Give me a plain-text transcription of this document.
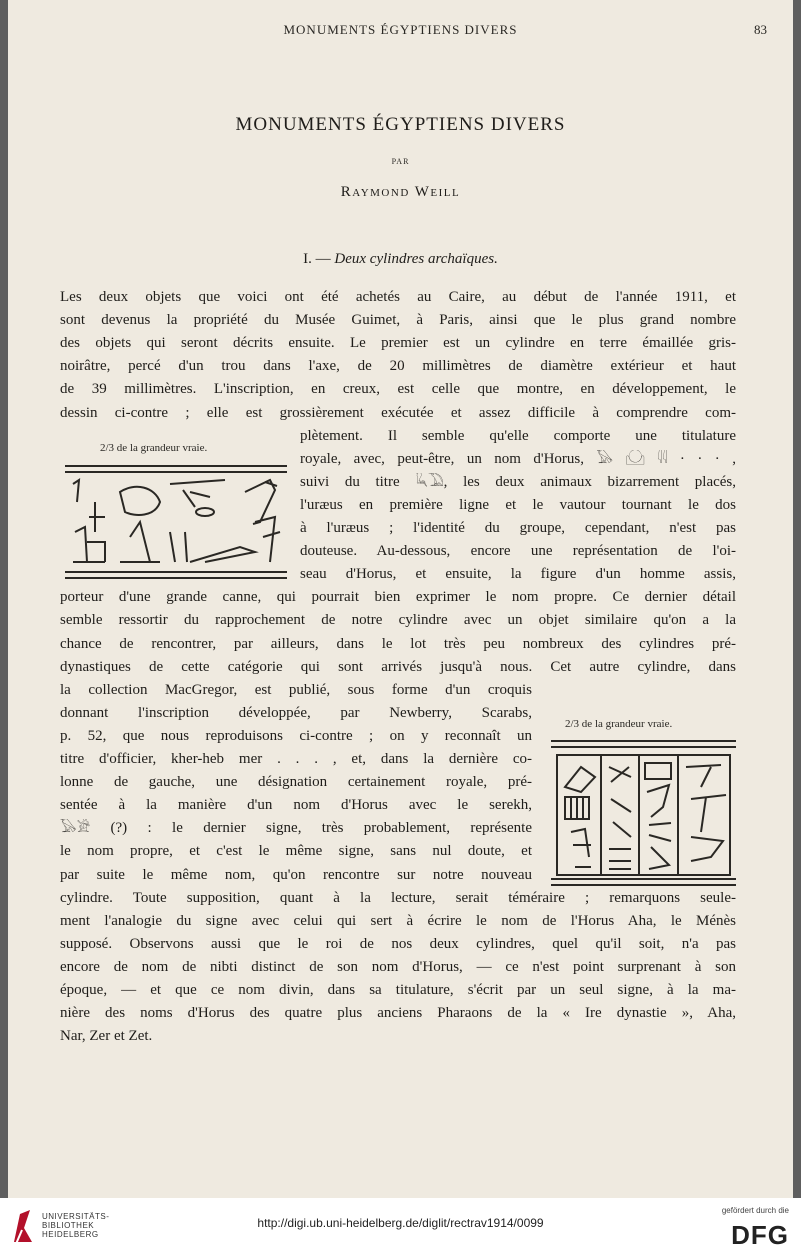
MONUMENTS ÉGYPTIENS DIVERS	83
MONUMENTS ÉGYPTIENS DIVERS
PAR
Raymond Weill
I. — Deux cylindres archaïques.
Les deux objets que voici ont été achetés au Caire, au début de l'année 1911, et
sont devenus la propriété du Musée Guimet, à Paris, ainsi que le plus grand nombre
des objets qui seront décrits ensuite. Le premier est un cylindre en terre émaillée gris-
noirâtre, percé d'un trou dans l'axe, de 20 millimètres de diamètre extérieur et haut
de 39 millimètres. L'inscription, en creux, est celle que montre, en développement, le
dessin ci-contre ; elle est grossièrement exécutée et assez difficile à comprendre com-
plètement. Il semble qu'elle comporte une titulature
royale, avec, peut-être, un nom d'Horus, 𓅃 𓈌 𓇋𓇋 · · · ,
suivi du titre 𓆗𓅐, les deux animaux bizarrement placés,
l'uræus en première ligne et le vautour tournant le dos
à l'uræus ; l'identité du groupe, cependant, n'est pas
douteuse. Au-dessous, encore une représentation de l'oi-
seau d'Horus, et ensuite, la figure d'un homme assis,
porteur d'une grande canne, qui pourrait bien exprimer le nom propre. Ce dernier détail
semble ressortir du rapprochement de notre cylindre avec un objet similaire qu'on a la
chance de rencontrer, par ailleurs, dans le lot très peu nombreux des cylindres pré-
dynastiques de cette catégorie qui sont arrivés jusqu'à nous. Cet autre cylindre, dans
la collection MacGregor, est publié, sous forme d'un croquis
donnant l'inscription développée, par Newberry, Scarabs,
p. 52, que nous reproduisons ci-contre ; on y reconnaît un
titre d'officier, kher-heb mer . . . , et, dans la dernière co-
lonne de gauche, une désignation certainement royale, pré-
sentée à la manière d'un nom d'Horus avec le serekh,
𓅃𓀀 (?) : le dernier signe, très probablement, représente
le nom propre, et c'est le même signe, sans nul doute, et
par suite le même nom, qu'on rencontre sur notre nouveau
cylindre. Toute supposition, quant à la lecture, serait téméraire ; remarquons seule-
ment l'analogie du signe avec celui qui sert à écrire le nom de l'Horus Aha, le Ménès
supposé. Observons aussi que le roi de nos deux cylindres, quel qu'il soit, n'a pas
encore de nom de nibti distinct de son nom d'Horus, — ce n'est point surprenant à son
époque, — et que ce nom divin, dans sa titulature, s'écrit par un seul signe, à la ma-
nière des noms d'Horus des quatre plus anciens Pharaons de la « Ire dynastie », Aha,
Nar, Zer et Zet.
2/3 de la grandeur vraie.
2/3 de la grandeur vraie.
UNIVERSITÄTS-
BIBLIOTHEK
HEIDELBERG
http://digi.ub.uni-heidelberg.de/diglit/rectrav1914/0099
gefördert durch die
DFG
